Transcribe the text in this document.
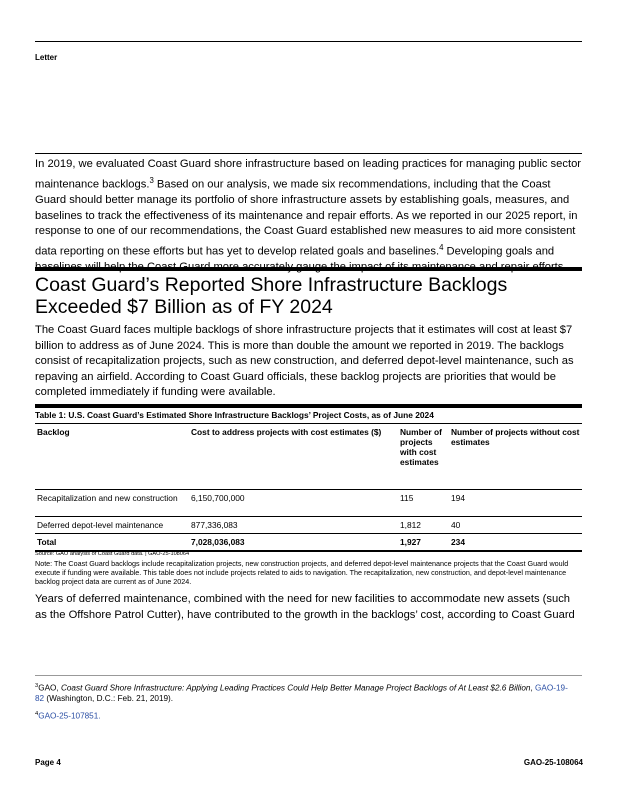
Letter

In 2019, we evaluated Coast Guard shore infrastructure based on leading practices for managing public sector maintenance backlogs.$^3$ Based on our analysis, we made six recommendations, including that the Coast Guard should better manage its portfolio of shore infrastructure assets by establishing goals, measures, and baselines to track the effectiveness of its maintenance and repair efforts. As we reported in our 2025 report, in response to one of our recommendations, the Coast Guard established new measures to aid more consistent data reporting on these efforts but has yet to develop related goals and baselines.$^4$ Developing goals and

Coast Guard’s Reported Shore Infrastructure Backlogs Exceeded $7 Billion as of FY 2024

The Coast Guard faces multiple backlogs of shore infrastructure projects that it estimates will cost at least $7 billion to address as of June 2024. This is more than double the amount we reported in 2019. The backlogs consist of recapitalization projects, such as new construction, and deferred depot-level maintenance, such as repaving an airfield. According to Coast Guard officials, these backlog projects are priorities that would be completed immediately if funding were available.

Table 1: U.S. Coast Guard’s Estimated Shore Infrastructure Backlogs’ Project Costs, as of June 2024
Backlog	Cost to address projects with cost estimates ($)	Number of projects with cost estimates	Number of projects without cost estimates
Recapitalization and new construction	6,150,700,000	115	194
Deferred depot-level maintenance	877,336,083	1,812	40
Total	7,028,036,083	1,927	234
Source: GAO analysis of Coast Guard data. | GAO-25-108064
Note: The Coast Guard backlogs include recapitalization projects, new construction projects, and deferred depot-level maintenance projects that the Coast Guard would execute if funding were available. This table does not include projects related to aids to navigation. The recapitalization, new construction, and depot-level maintenance backlog project data are current as of June 2024.

Years of deferred maintenance, combined with the need for new facilities to accommodate new assets (such as the Offshore Patrol Cutter), have contributed to the growth in the backlogs’ cost, according to Coast Guard

$^3$GAO, Coast Guard Shore Infrastructure: Applying Leading Practices Could Help Better Manage Project Backlogs of At Least $2.6 Billion, GAO-19-82 (Washington, D.C.: Feb. 21, 2019).
$^4$GAO-25-107851.
Page 4	GAO-25-108064
